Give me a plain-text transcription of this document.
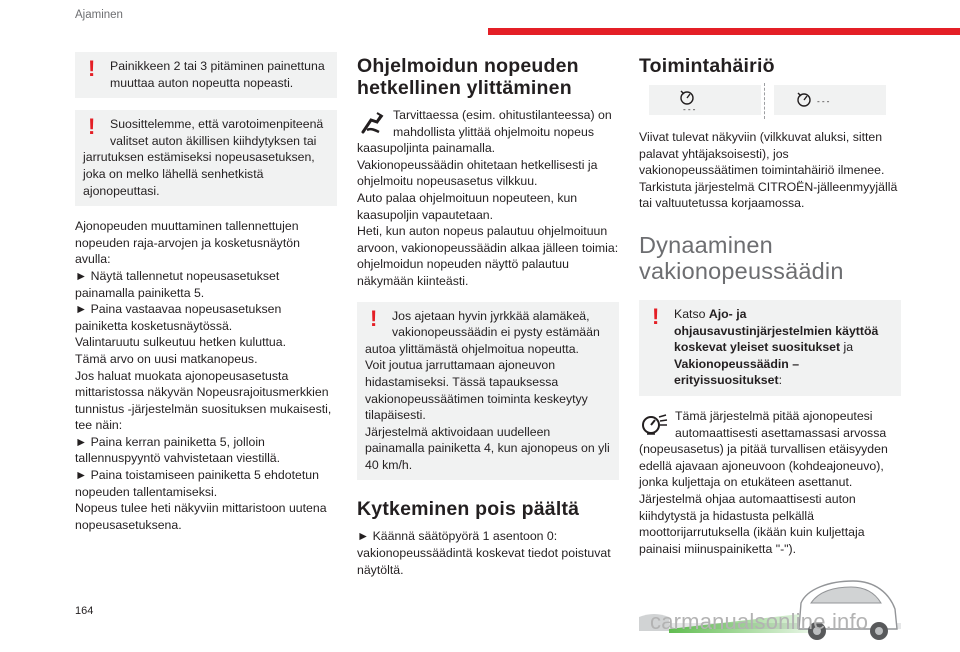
Ajaminen
!	Painikkeen 2 tai 3 pitäminen painettuna muuttaa auton nopeutta nopeasti.
!	Suosittelemme, että varotoimenpiteenä valitset auton äkillisen kiihdytyksen tai
jarrutuksen estämiseksi nopeusasetuksen, joka on melko lähellä senhetkistä ajonopeuttasi.
Ajonopeuden muuttaminen tallennettujen nopeuden raja-arvojen ja kosketusnäytön avulla:
► Näytä tallennetut nopeusasetukset painamalla painiketta 5.
► Paina vastaavaa nopeusasetuksen painiketta kosketusnäytössä.
Valintaruutu sulkeutuu hetken kuluttua.
Tämä arvo on uusi matkanopeus.
Jos haluat muokata ajonopeusasetusta mittaristossa näkyvän Nopeusrajoitusmerkkien tunnistus -järjestelmän suosituksen mukaisesti, tee näin:
► Paina kerran painiketta 5, jolloin tallennuspyyntö vahvistetaan viestillä.
► Paina toistamiseen painiketta 5 ehdotetun nopeuden tallentamiseksi.
Nopeus tulee heti näkyviin mittaristoon uutena nopeusasetuksena.
Ohjelmoidun nopeuden hetkellinen ylittäminen
Tarvittaessa (esim. ohitustilanteessa) on mahdollista ylittää ohjelmoitu nopeus
kaasupoljinta painamalla.
Vakionopeussäädin ohitetaan hetkellisesti ja ohjelmoitu nopeusasetus vilkkuu.
Auto palaa ohjelmoituun nopeuteen, kun kaasupoljin vapautetaan.
Heti, kun auton nopeus palautuu ohjelmoituun arvoon, vakionopeussäädin alkaa jälleen toimia: ohjelmoidun nopeuden näyttö palautuu näkymään kiinteästi.
!	Jos ajetaan hyvin jyrkkää alamäkeä, vakionopeussäädin ei pysty estämään
autoa ylittämästä ohjelmoitua nopeutta.
Voit joutua jarruttamaan ajoneuvon hidastamiseksi. Tässä tapauksessa vakionopeussäätimen toiminta keskeytyy tilapäisesti.
Järjestelmä aktivoidaan uudelleen painamalla painiketta 4, kun ajonopeus on yli 40 km/h.
Kytkeminen pois päältä
► Käännä säätöpyörä 1 asentoon 0: vakionopeussäädintä koskevat tiedot poistuvat näytöltä.
Toimintahäiriö
‑‑‑
‑‑‑
Viivat tulevat näkyviin (vilkkuvat aluksi, sitten palavat yhtäjaksoisesti), jos vakionopeussäätimen toimintahäiriö ilmenee. Tarkistuta järjestelmä CITROËN-jälleenmyyjällä tai valtuutetussa korjaamossa.
Dynaaminen vakionopeussäädin
!	Katso Ajo- ja ohjausavustinjärjestelmien käyttöä koskevat yleiset suositukset ja Vakionopeussäädin – erityissuositukset:
Tämä järjestelmä pitää ajonopeutesi automaattisesti asettamassasi arvossa
(nopeusasetus) ja pitää turvallisen etäisyyden edellä ajavaan ajoneuvoon (kohdeajoneuvo), jonka kuljettaja on etukäteen asettanut. Järjestelmä ohjaa automaattisesti auton kiihdytystä ja hidastusta pelkällä moottorijarrutuksella (ikään kuin kuljettaja painaisi miinuspainiketta "-").
164	carmanualsonline.info
